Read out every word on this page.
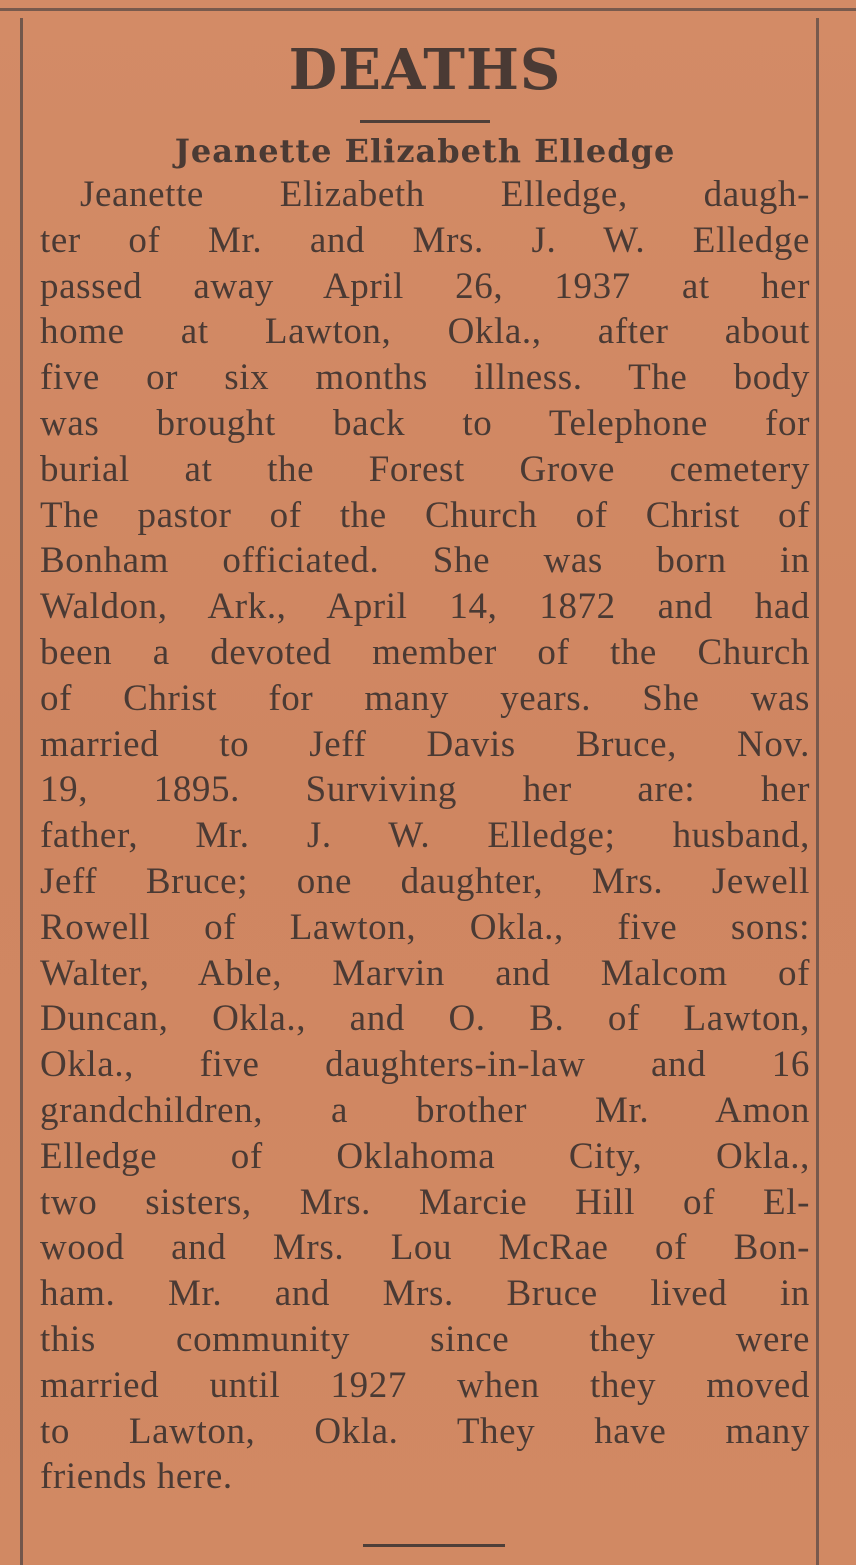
DEATHS
Jeanette Elizabeth Elledge
Jeanette Elizabeth Elledge, daugh-
ter of Mr. and Mrs. J. W. Elledge
passed away April 26, 1937 at her
home at Lawton, Okla., after about
five or six months illness. The body
was brought back to Telephone for
burial at the Forest Grove cemetery
The pastor of the Church of Christ of
Bonham officiated. She was born in
Waldon, Ark., April 14, 1872 and had
been a devoted member of the Church
of Christ for many years. She was
married to Jeff Davis Bruce, Nov.
19, 1895. Surviving her are: her
father, Mr. J. W. Elledge; husband,
Jeff Bruce; one daughter, Mrs. Jewell
Rowell of Lawton, Okla., five sons:
Walter, Able, Marvin and Malcom of
Duncan, Okla., and O. B. of Lawton,
Okla., five daughters-in-law and 16
grandchildren, a brother Mr. Amon
Elledge of Oklahoma City, Okla.,
two sisters, Mrs. Marcie Hill of El-
wood and Mrs. Lou McRae of Bon-
ham. Mr. and Mrs. Bruce lived in
this community since they were
married until 1927 when they moved
to Lawton, Okla. They have many
friends here.
